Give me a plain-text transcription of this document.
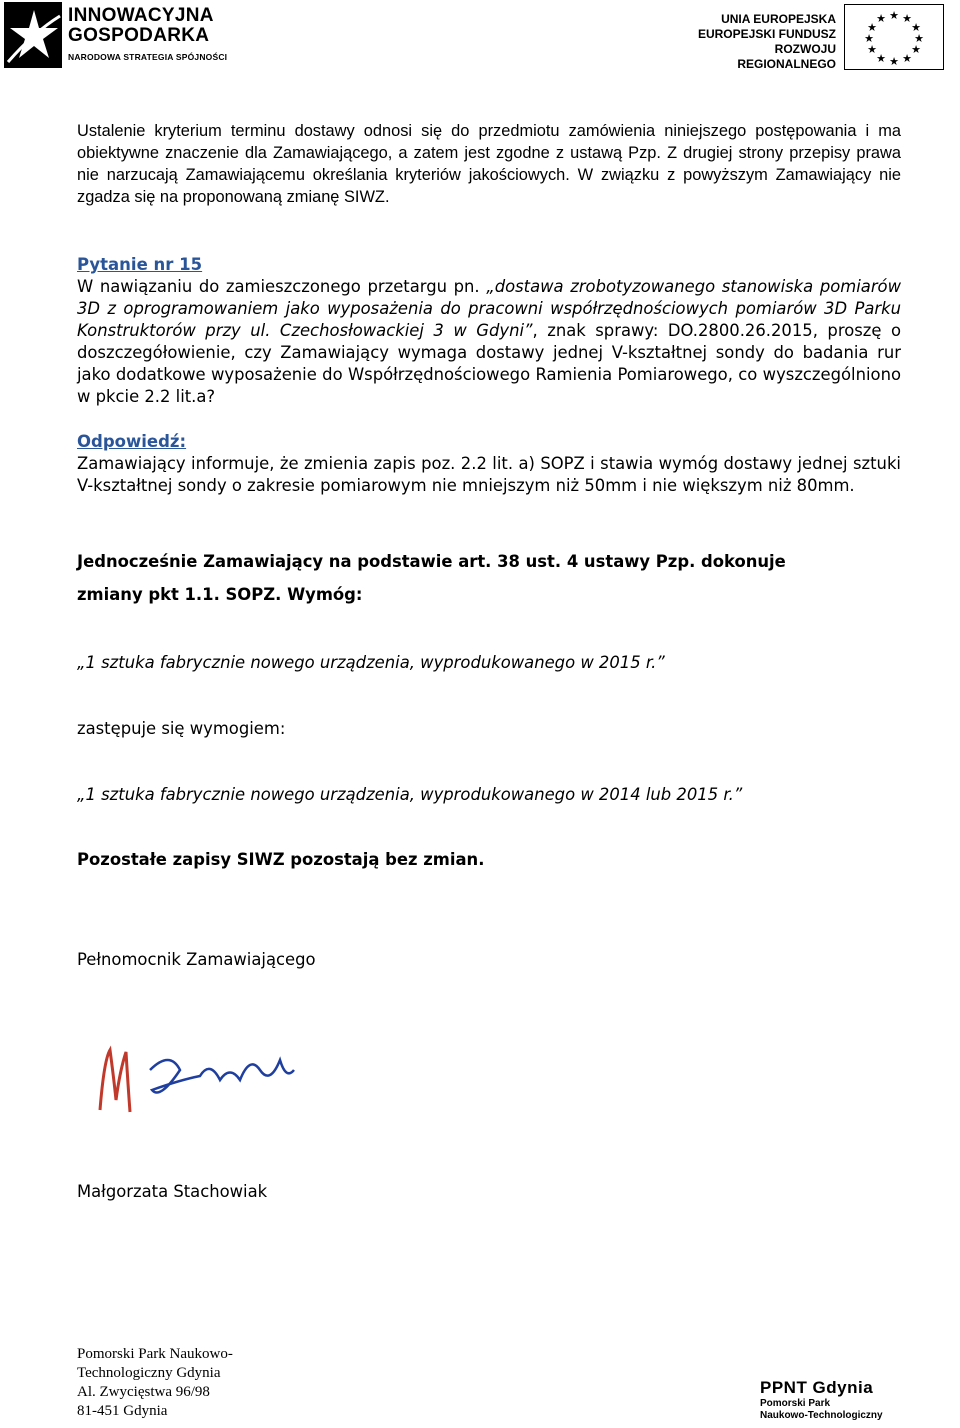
INNOWACYJNA
GOSPODARKA
NARODOWA STRATEGIA SPÓJNOŚCI
UNIA EUROPEJSKA
EUROPEJSKI FUNDUSZ
ROZWOJU REGIONALNEGO
★ ★
★
★
★
★
★
★
★
★
★
★
Ustalenie kryterium terminu dostawy odnosi się do przedmiotu zamówienia niniejszego postępowania i ma obiektywne znaczenie dla Zamawiającego, a zatem jest zgodne z ustawą Pzp. Z drugiej strony przepisy prawa nie narzucają Zamawiającemu określania kryteriów jakościowych. W związku z powyższym Zamawiający nie zgadza się na proponowaną zmianę SIWZ.
Pytanie nr 15
W nawiązaniu do zamieszczonego przetargu pn. „dostawa zrobotyzowanego stanowiska pomiarów 3D z oprogramowaniem jako wyposażenia do pracowni współrzędnościowych pomiarów 3D Parku Konstruktorów przy ul. Czechosłowackiej 3 w Gdyni”, znak sprawy: DO.2800.26.2015, proszę o doszczegółowienie, czy Zamawiający wymaga dostawy jednej V-kształtnej sondy do badania rur jako dodatkowe wyposażenie do Współrzędnościowego Ramienia Pomiarowego, co wyszczególniono w pkcie 2.2 lit.a?
Odpowiedź:
Zamawiający informuje, że zmienia zapis poz. 2.2 lit. a) SOPZ i stawia wymóg dostawy jednej sztuki V-kształtnej sondy o zakresie pomiarowym nie mniejszym niż 50mm i nie większym niż 80mm.
Jednocześnie Zamawiający na podstawie art. 38 ust. 4 ustawy Pzp. dokonuje
zmiany pkt 1.1. SOPZ. Wymóg:
„1 sztuka fabrycznie nowego urządzenia, wyprodukowanego w 2015 r.”
zastępuje się wymogiem:
„1 sztuka fabrycznie nowego urządzenia, wyprodukowanego w 2014 lub 2015 r.”
Pozostałe zapisy SIWZ pozostają bez zmian.
Pełnomocnik Zamawiającego
Małgorzata Stachowiak
Pomorski Park Naukowo-
Technologiczny Gdynia
Al. Zwycięstwa 96/98
81-451 Gdynia
PPNT Gdynia
Pomorski Park
Naukowo-Technologiczny
